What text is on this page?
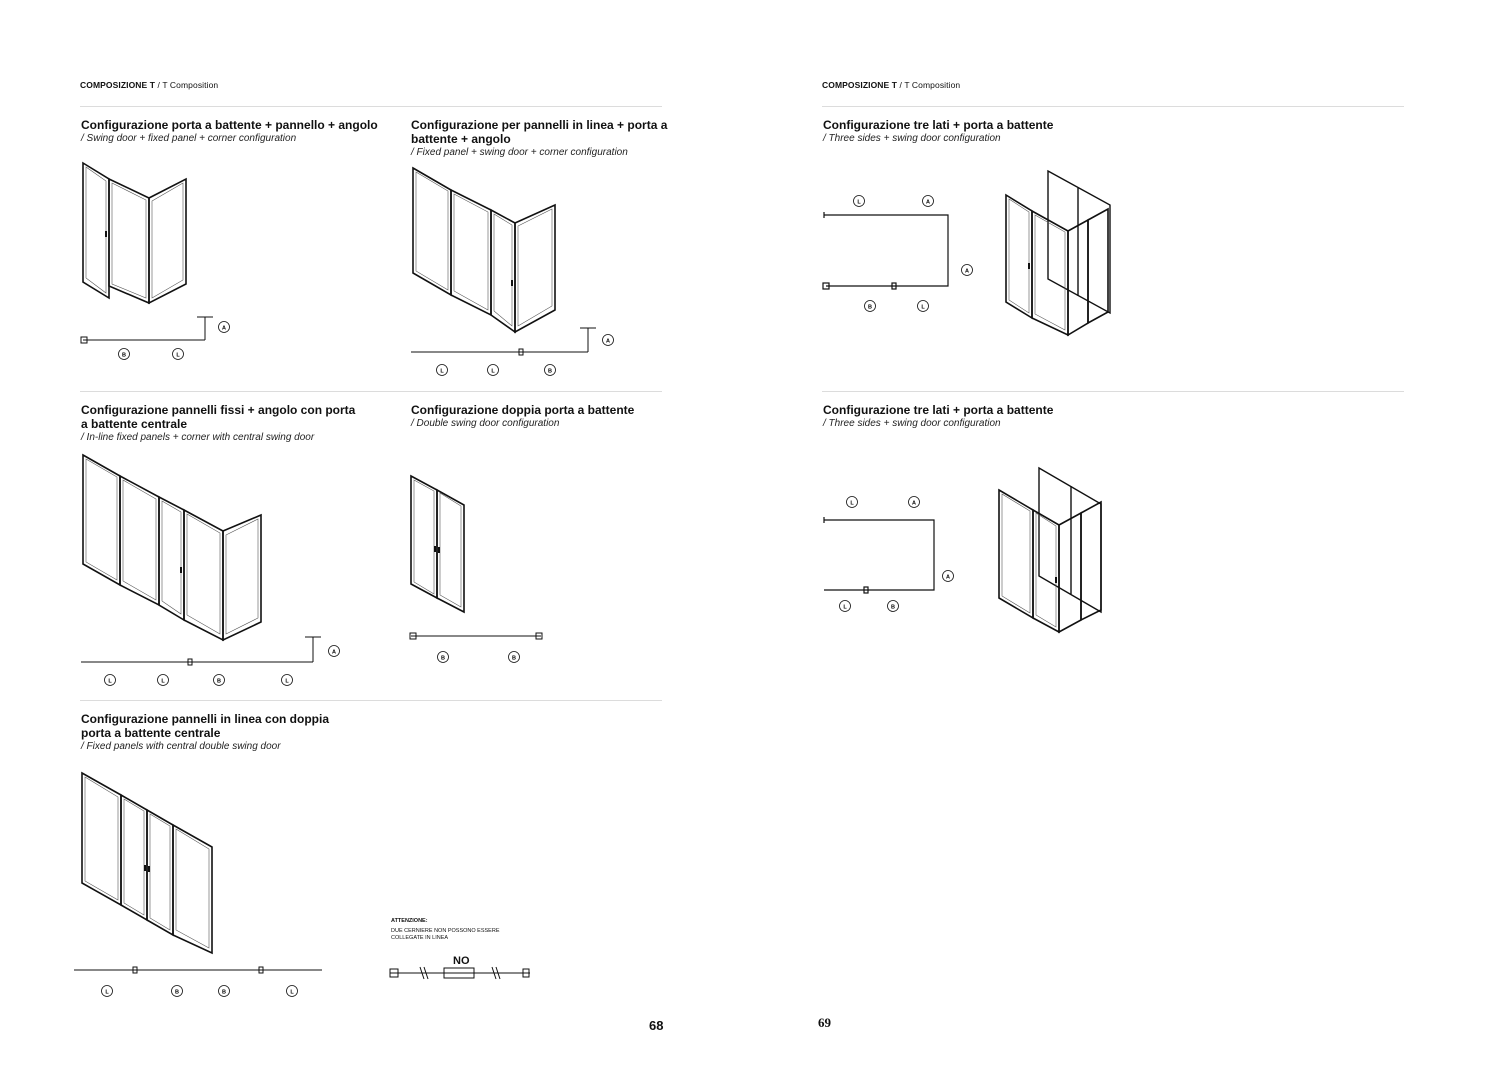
COMPOSIZIONE T / T Composition	COMPOSIZIONE T / T Composition
Configurazione porta a battente + pannello + angolo
/ Swing door + fixed panel + corner configuration
A
B	L
Configurazione per pannelli in linea + porta a battente + angolo
/ Fixed panel + swing door + corner configuration
A
L	L	B
Configurazione pannelli fissi + angolo con porta a battente centrale
/ In-line fixed panels + corner with central swing door
A
L	L	B	L
Configurazione doppia porta a battente
/ Double swing door configuration
B	B
Configurazione pannelli in linea con doppia porta a battente centrale
/ Fixed panels with central double swing door
L	B	B	L
ATTENZIONE:
DUE CERNIERE NON POSSONO ESSERE COLLEGATE IN LINEA
NO
Configurazione tre lati + porta a battente
/ Three sides + swing door configuration
L	A
A
B	L
Configurazione tre lati + porta a battente
/ Three sides + swing door configuration
L	A
A
L	B
68	69
